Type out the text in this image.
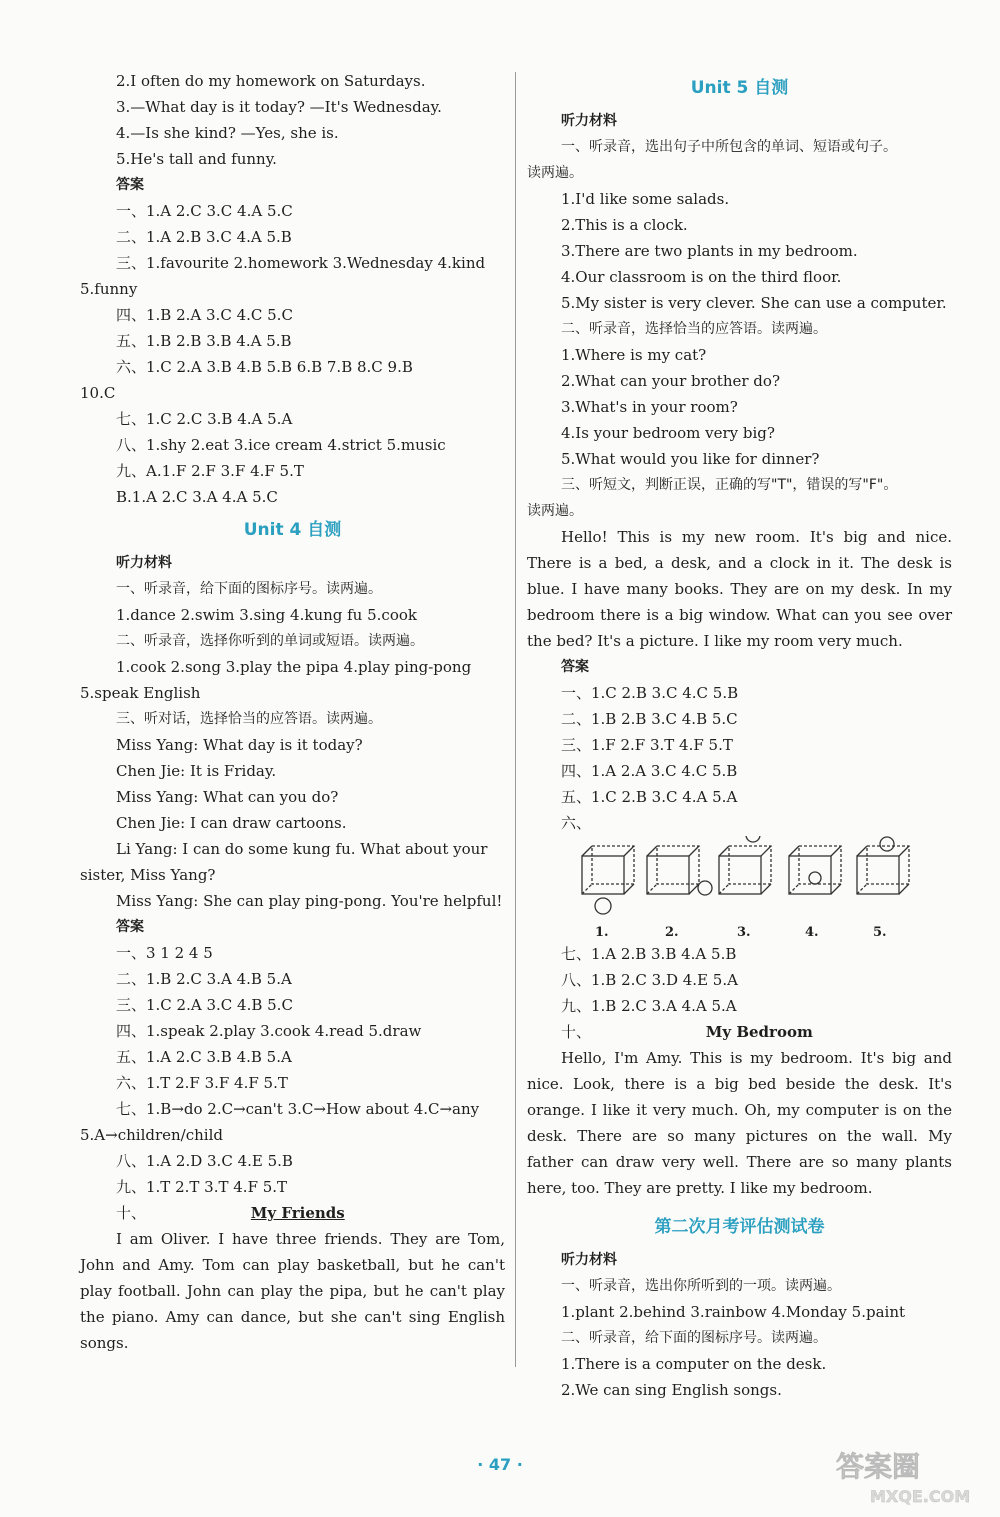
2.I often do my homework on Saturdays.
3.—What day is it today? —It's Wednesday.
4.—Is she kind? —Yes, she is.
5.He's tall and funny.
答案
一、1.A 2.C 3.C 4.A 5.C
二、1.A 2.B 3.C 4.A 5.B
三、1.favourite 2.homework 3.Wednesday 4.kind
5.funny
四、1.B 2.A 3.C 4.C 5.C
五、1.B 2.B 3.B 4.A 5.B
六、1.C 2.A 3.B 4.B 5.B 6.B 7.B 8.C 9.B
10.C
七、1.C 2.C 3.B 4.A 5.A
八、1.shy 2.eat 3.ice cream 4.strict 5.music
九、A.1.F 2.F 3.F 4.F 5.T
B.1.A 2.C 3.A 4.A 5.C
Unit 4 自测
听力材料
一、听录音，给下面的图标序号。读两遍。
1.dance 2.swim 3.sing 4.kung fu 5.cook
二、听录音，选择你听到的单词或短语。读两遍。
1.cook 2.song 3.play the pipa 4.play ping-pong
5.speak English
三、听对话，选择恰当的应答语。读两遍。
Miss Yang: What day is it today?
Chen Jie: It is Friday.
Miss Yang: What can you do?
Chen Jie: I can draw cartoons.
Li Yang: I can do some kung fu. What about your
sister, Miss Yang?
Miss Yang: She can play ping-pong. You're helpful!
答案
一、3 1 2 4 5
二、1.B 2.C 3.A 4.B 5.A
三、1.C 2.A 3.C 4.B 5.C
四、1.speak 2.play 3.cook 4.read 5.draw
五、1.A 2.C 3.B 4.B 5.A
六、1.T 2.F 3.F 4.F 5.T
七、1.B→do 2.C→can't 3.C→How about 4.C→any
5.A→children/child
八、1.A 2.D 3.C 4.E 5.B
九、1.T 2.T 3.T 4.F 5.T
十、	My Friends
I am Oliver. I have three friends. They are Tom, John and Amy. Tom can play basketball, but he can't play football. John can play the pipa, but he can't play the piano. Amy can dance, but she can't sing English songs.
Unit 5 自测
听力材料
一、听录音，选出句子中所包含的单词、短语或句子。
读两遍。
1.I'd like some salads.
2.This is a clock.
3.There are two plants in my bedroom.
4.Our classroom is on the third floor.
5.My sister is very clever. She can use a computer.
二、听录音，选择恰当的应答语。读两遍。
1.Where is my cat?
2.What can your brother do?
3.What's in your room?
4.Is your bedroom very big?
5.What would you like for dinner?
三、听短文，判断正误，正确的写"T"，错误的写"F"。
读两遍。
Hello! This is my new room. It's big and nice. There is a bed, a desk, and a clock in it. The desk is blue. I have many books. They are on my desk. In my bedroom there is a big window. What can you see over the bed? It's a picture. I like my room very much.
答案
一、1.C 2.B 3.C 4.C 5.B
二、1.B 2.B 3.C 4.B 5.C
三、1.F 2.F 3.T 4.F 5.T
四、1.A 2.A 3.C 4.C 5.B
五、1.C 2.B 3.C 4.A 5.A
六、
1.	2.	3.	4.	5.
七、1.A 2.B 3.B 4.A 5.B
八、1.B 2.C 3.D 4.E 5.A
九、1.B 2.C 3.A 4.A 5.A
十、	My Bedroom
Hello, I'm Amy. This is my bedroom. It's big and nice. Look, there is a big bed beside the desk. It's orange. I like it very much. Oh, my computer is on the desk. There are so many pictures on the wall. My father can draw very well. There are so many plants here, too. They are pretty. I like my bedroom.
第二次月考评估测试卷
听力材料
一、听录音，选出你所听到的一项。读两遍。
1.plant 2.behind 3.rainbow 4.Monday 5.paint
二、听录音，给下面的图标序号。读两遍。
1.There is a computer on the desk.
2.We can sing English songs.
· 47 ·	答案圈
MXQE.COM
